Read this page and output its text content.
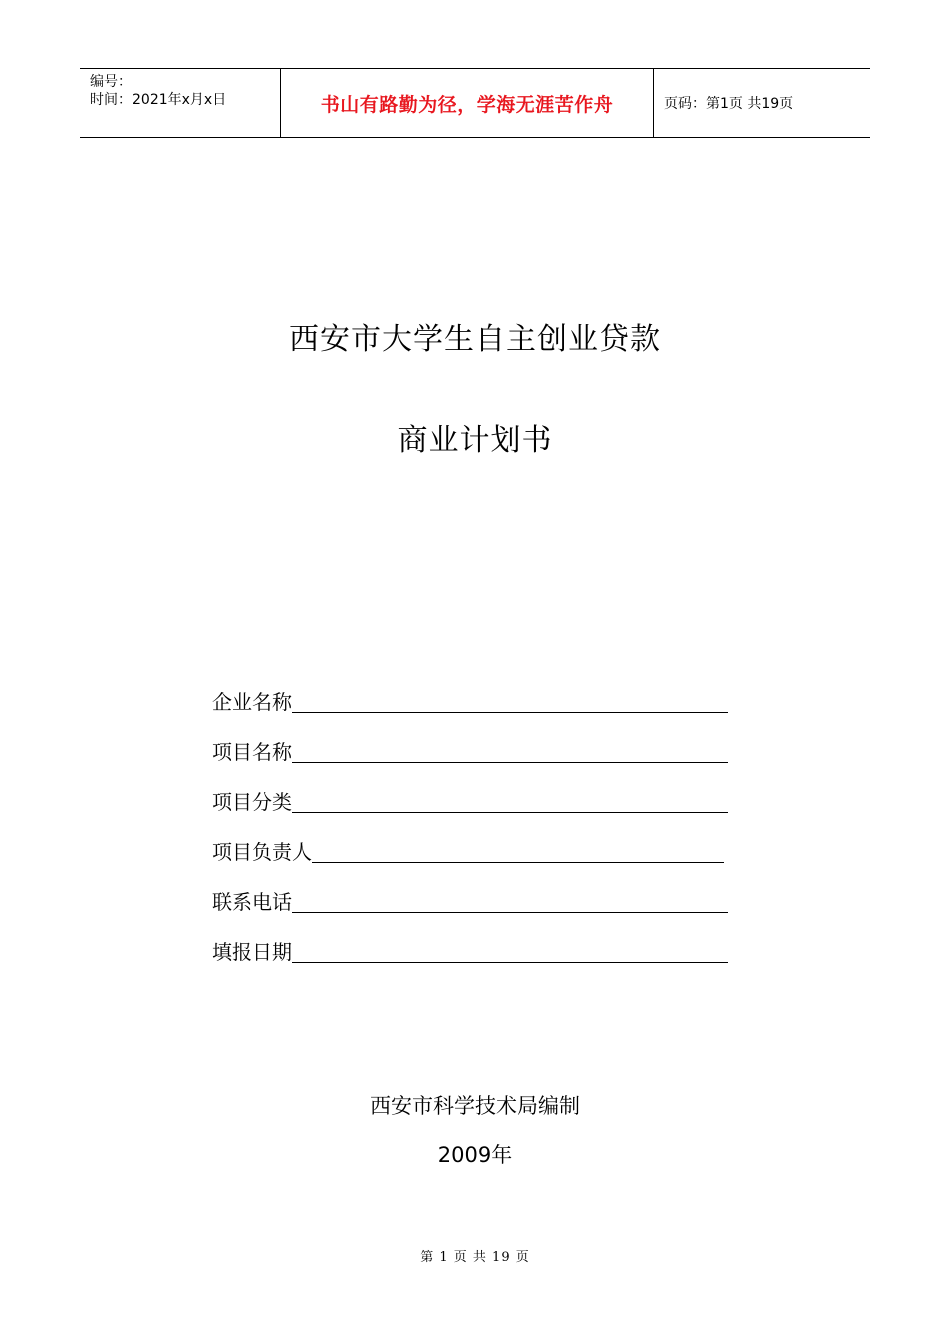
编号：
时间：2021年x月x日	书山有路勤为径，学海无涯苦作舟	页码：第1页 共19页
西安市大学生自主创业贷款
商业计划书
企业名称
项目名称
项目分类
项目负责人
联系电话
填报日期
西安市科学技术局编制
2009年
第 1 页 共 19 页
